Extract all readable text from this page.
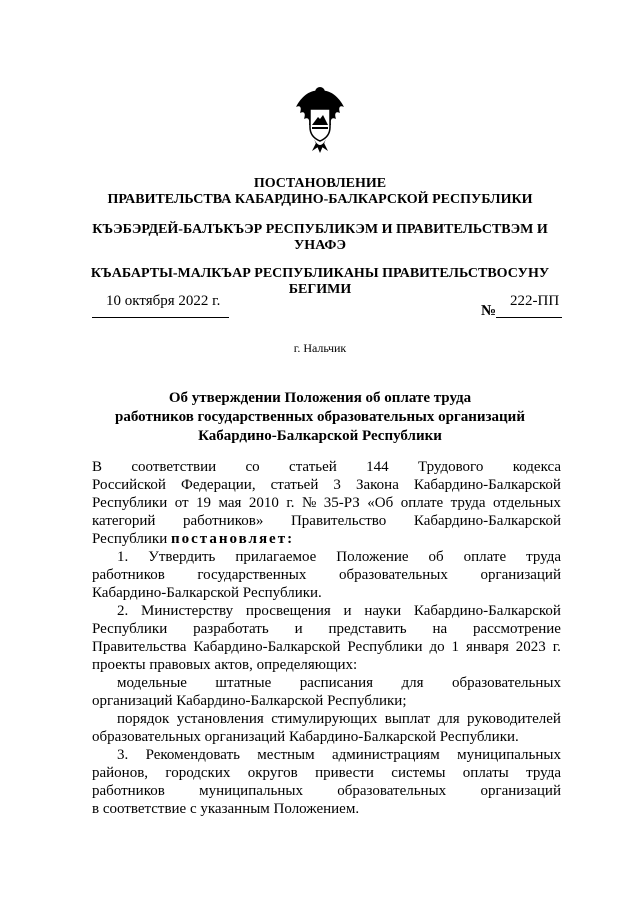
ПОСТАНОВЛЕНИЕ
ПРАВИТЕЛЬСТВА КАБАРДИНО-БАЛКАРСКОЙ РЕСПУБЛИКИ
КЪЭБЭРДЕЙ-БАЛЪКЪЭР РЕСПУБЛИКЭМ И ПРАВИТЕЛЬСТВЭМ И
УНАФЭ
КЪАБАРТЫ-МАЛКЪАР РЕСПУБЛИКАНЫ ПРАВИТЕЛЬСТВОСУНУ
БЕГИМИ
10 октября 2022 г.
№
222-ПП
г. Нальчик
Об утверждении Положения об оплате труда
работников государственных образовательных организаций
Кабардино-Балкарской Республики
В соответствии со статьей 144 Трудового кодекса
Российской Федерации, статьей 3 Закона Кабардино-Балкарской
Республики от 19 мая 2010 г. № 35-РЗ «Об оплате труда отдельных
категорий работников» Правительство Кабардино-Балкарской
Республики постановляет:
1. Утвердить прилагаемое Положение об оплате труда
работников государственных образовательных организаций
Кабардино-Балкарской Республики.
2. Министерству просвещения и науки Кабардино-Балкарской
Республики разработать и представить на рассмотрение
Правительства Кабардино-Балкарской Республики до 1 января 2023 г.
проекты правовых актов, определяющих:
модельные штатные расписания для образовательных
организаций Кабардино-Балкарской Республики;
порядок установления стимулирующих выплат для руководителей
образовательных организаций Кабардино-Балкарской Республики.
3. Рекомендовать местным администрациям муниципальных
районов, городских округов привести системы оплаты труда
работников муниципальных образовательных организаций
в соответствие с указанным Положением.
